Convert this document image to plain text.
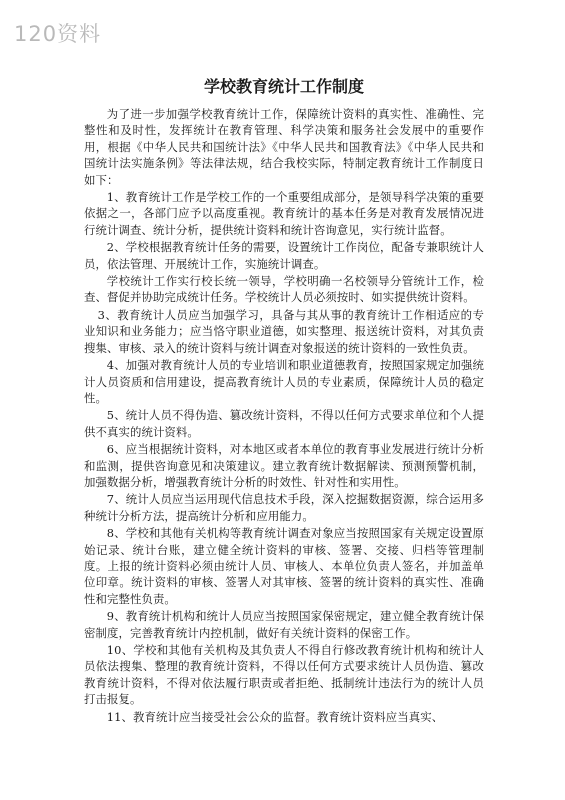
120资料
学校教育统计工作制度

为了进一步加强学校教育统计工作，保障统计资料的真实性、准确性、完整性和及时性，发挥统计在教育管理、科学决策和服务社会发展中的重要作用，根据《中华人民共和国统计法》《中华人民共和国教育法》《中华人民共和国统计法实施条例》等法律法规，结合我校实际，特制定教育统计工作制度日如下：

1、教育统计工作是学校工作的一个重要组成部分，是领导科学决策的重要依据之一，各部门应予以高度重视。教育统计的基本任务是对教育发展情况进行统计调查、统计分析，提供统计资料和统计咨询意见，实行统计监督。

2、学校根据教育统计任务的需要，设置统计工作岗位，配备专兼职统计人员，依法管理、开展统计工作，实施统计调查。

学校统计工作实行校长统一领导，学校明确一名校领导分管统计工作，检查、督促并协助完成统计任务。学校统计人员必须按时、如实提供统计资料。

3、教育统计人员应当加强学习，具备与其从事的教育统计工作相适应的专业知识和业务能力；应当恪守职业道德，如实整理、报送统计资料，对其负责搜集、审核、录入的统计资料与统计调查对象报送的统计资料的一致性负责。

4、加强对教育统计人员的专业培训和职业道德教育，按照国家规定加强统计人员资质和信用建设，提高教育统计人员的专业素质，保障统计人员的稳定性。

5、统计人员不得伪造、篡改统计资料，不得以任何方式要求单位和个人提供不真实的统计资料。

6、应当根据统计资料，对本地区或者本单位的教育事业发展进行统计分析和监测，提供咨询意见和决策建议。建立教育统计数据解读、预测预警机制，加强数据分析，增强教育统计分析的时效性、针对性和实用性。

7、统计人员应当运用现代信息技术手段，深入挖掘数据资源，综合运用多种统计分析方法，提高统计分析和应用能力。

8、学校和其他有关机构等教育统计调查对象应当按照国家有关规定设置原始记录、统计台账，建立健全统计资料的审核、签署、交接、归档等管理制度。上报的统计资料必须由统计人员、审核人、本单位负责人签名，并加盖单位印章。统计资料的审核、签署人对其审核、签署的统计资料的真实性、准确性和完整性负责。

9、教育统计机构和统计人员应当按照国家保密规定，建立健全教育统计保密制度，完善教育统计内控机制，做好有关统计资料的保密工作。

10、学校和其他有关机构及其负责人不得自行修改教育统计机构和统计人员依法搜集、整理的教育统计资料，不得以任何方式要求统计人员伪造、篡改教育统计资料，不得对依法履行职责或者拒绝、抵制统计违法行为的统计人员打击报复。

11、教育统计应当接受社会公众的监督。教育统计资料应当真实、
